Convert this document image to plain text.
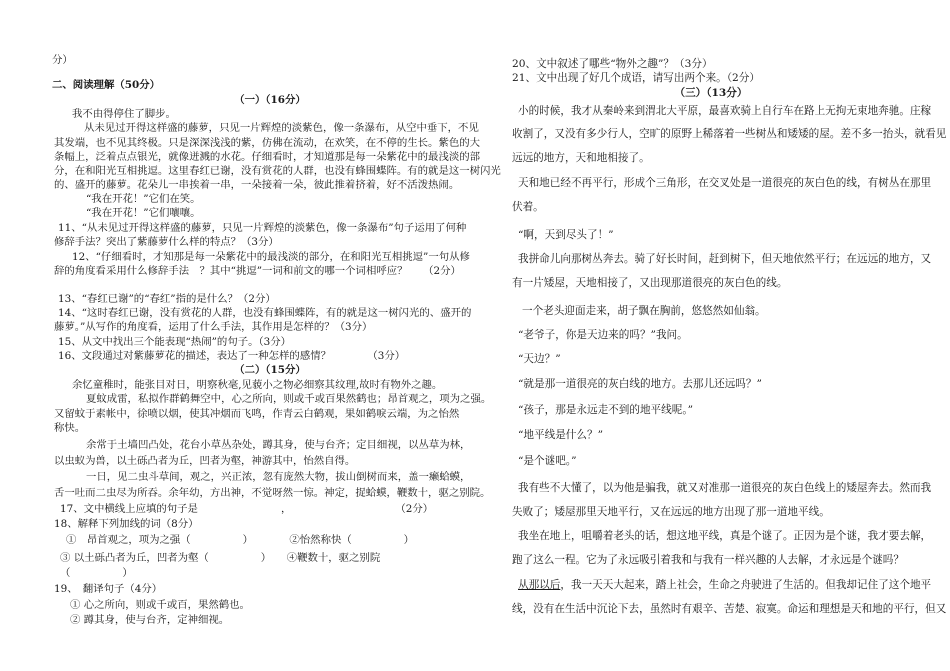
分）
二、阅读理解（50分）
（一）（16分）
我不由得停住了脚步。
从未见过开得这样盛的藤萝，只见一片辉煌的淡紫色，像一条瀑布，从空中垂下，不见
其发端，也不见其终极。只是深深浅浅的紫，仿佛在流动，在欢笑，在不停的生长。紫色的大
条幅上，泛着点点银光，就像迸溅的水花。仔细看时，才知道那是每一朵紫花中的最浅淡的部
分，在和阳光互相挑逗。这里春红已谢，没有赏花的人群，也没有蜂围蝶阵。有的就是这一树闪光
的、盛开的藤萝。花朵儿一串挨着一串，一朵接着一朵，彼此推着挤着，好不活泼热闹。
“我在开花！”它们在笑。
“我在开花！”它们嚷嚷。
11、“从未见过开得这样盛的藤萝，只见一片辉煌的淡紫色，像一条瀑布”句子运用了何种
修辞手法？突出了紫藤萝什么样的特点？（3分）
12、“仔细看时，才知那是每一朵紫花中的最浅淡的部分，在和阳光互相挑逗”一句从修
辞的角度看采用什么修辞手法　？其中“挑逗”一词和前文的哪一个词相呼应？　　（2分）
13、“春红已谢”的“春红”指的是什么？（2分）
14、“这时春红已谢，没有赏花的人群，也没有蜂围蝶阵，有的就是这一树闪光的、盛开的
藤萝。”从写作的角度看，运用了什么手法，其作用是怎样的？（3分）
15、从文中找出三个能表现“热闹”的句子。（3分）
16、文段通过对紫藤萝花的描述，表达了一种怎样的感情？　　　　（3分）
（二）（15分）
余忆童稚时，能张目对日，明察秋毫,见藐小之物必细察其纹理,故时有物外之趣。
夏蚊成雷，私拟作群鹤舞空中，心之所向，则或千或百果然鹤也；昂首观之，项为之强。
又留蚊于素帐中，徐喷以烟，使其冲烟而飞鸣，作青云白鹤观，果如鹤唳云端，为之怡然
称快。
余常于土墙凹凸处，花台小草丛杂处，蹲其身，使与台齐；定目细视，以丛草为林，
以虫蚁为兽，以土砾凸者为丘，凹者为壑，神游其中，怡然自得。
一日，见二虫斗草间，观之，兴正浓，忽有庞然大物，拔山倒树而来，盖一癞蛤蟆，
舌一吐而二虫尽为所吞。余年幼，方出神，不觉呀然一惊。神定，捉蛤蟆，鞭数十，驱之别院。
17、文中横线上应填的句子是　　　　　　　　，　　　　　　　　　　　（2分）
18、解释下列加线的词（8分）
①　昂首观之，项为之强（　　　　　）　　　　②怡然称快（　　　　　）
③ 以土砾凸者为丘，凹者为壑（　　　　　）　　④鞭数十，驱之别院
（　　　　　）
19、　翻译句子（4分）
① 心之所向，则或千或百，果然鹤也。
② 蹲其身，使与台齐，定神细视。
20、文中叙述了哪些“物外之趣”？（3分）
21、文中出现了好几个成语，请写出两个来。（2分）
（三）（13分）
小的时候，我才从秦岭来到渭北大平原，最喜欢骑上自行车在路上无拘无束地奔驰。庄稼
收割了，又没有多少行人，空旷的原野上稀落着一些树丛和矮矮的屋。差不多一抬头，就看见
远远的地方，天和地相接了。
天和地已经不再平行，形成个三角形，在交叉处是一道很亮的灰白色的线，有树丛在那里
伏着。
“啊，天到尽头了！”
我拼命儿向那树丛奔去。骑了好长时间，赶到树下，但天地依然平行；在远远的地方，又
有一片矮屋，天地相接了，又出现那道很亮的灰白色的线。
一个老头迎面走来，胡子飘在胸前，悠悠然如仙翁。
“老爷子，你是天边来的吗？”我问。
“天边？”
“就是那一道很亮的灰白线的地方。去那儿还远吗？”
“孩子，那是永远走不到的地平线呢。”
“地平线是什么？”
“是个谜吧。”
我有些不大懂了，以为他是骗我，就又对准那一道很亮的灰白色线上的矮屋奔去。然而我
失败了；矮屋那里天地平行，又在远远的地方出现了那一道地平线。
我坐在地上，咀嚼着老头的话，想这地平线，真是个谜了。正因为是个谜，我才要去解，
跑了这么一程。它为了永远吸引着我和与我有一样兴趣的人去解，才永远是个谜吗？
从那以后，我一天天大起来，踏上社会，生命之舟驶进了生活的。但我却记住了这个地平
线，没有在生活中沉论下去，虽然时有艰辛、苦楚、寂寞。命运和理想是天和地的平行，但又
